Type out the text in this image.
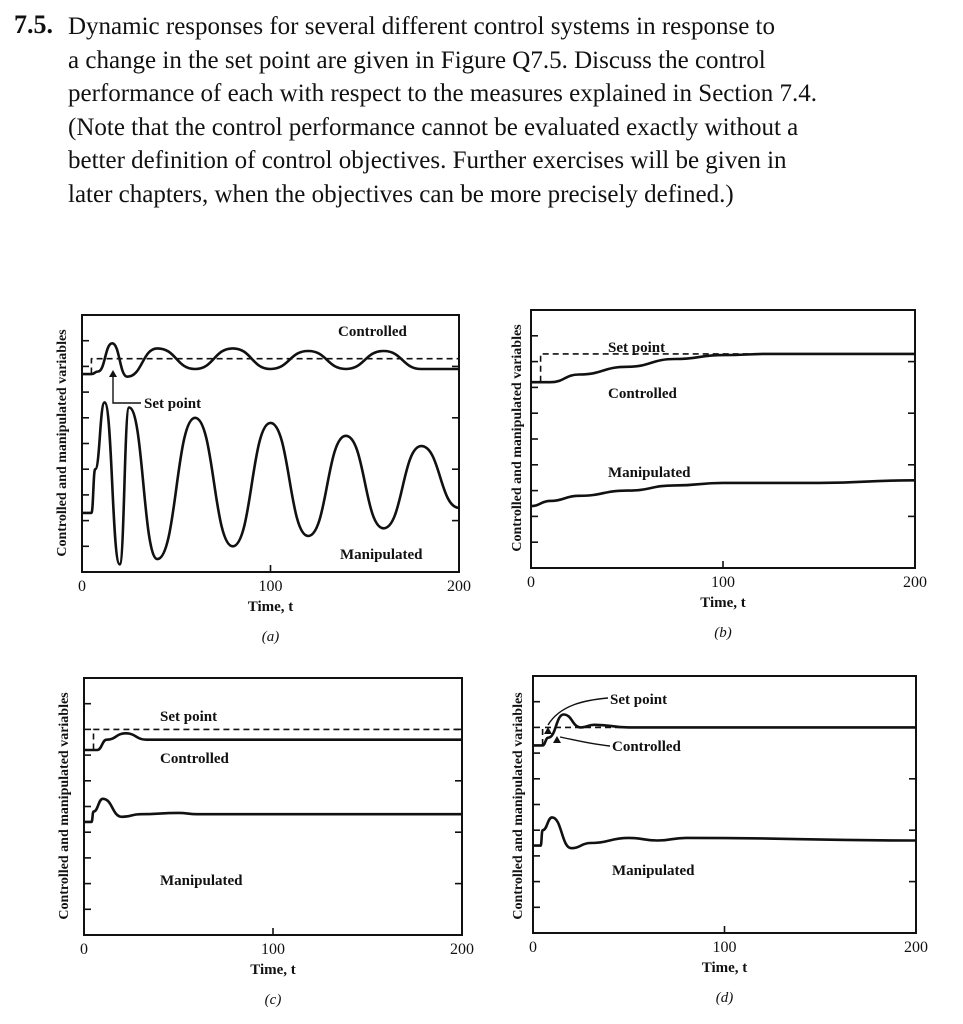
7.5. Dynamic responses for several different control systems in response to
a change in the set point are given in Figure Q7.5. Discuss the control
performance of each with respect to the measures explained in Section 7.4.
(Note that the control performance cannot be evaluated exactly without a
better definition of control objectives. Further exercises will be given in
later chapters, when the objectives can be more precisely defined.)
0	100	200
Time, t
(a)
Controlled and manipulated variables	Controlled
Set point
Manipulated
0	100	200
Time, t
(b)
Controlled and manipulated variables	Set point
Controlled
Manipulated
0	100	200
Time, t
(c)
Controlled and manipulated variables	Set point
Controlled
Manipulated
0	100	200
Time, t
(d)
Controlled and manipulated variables	Set point
Controlled
Manipulated
